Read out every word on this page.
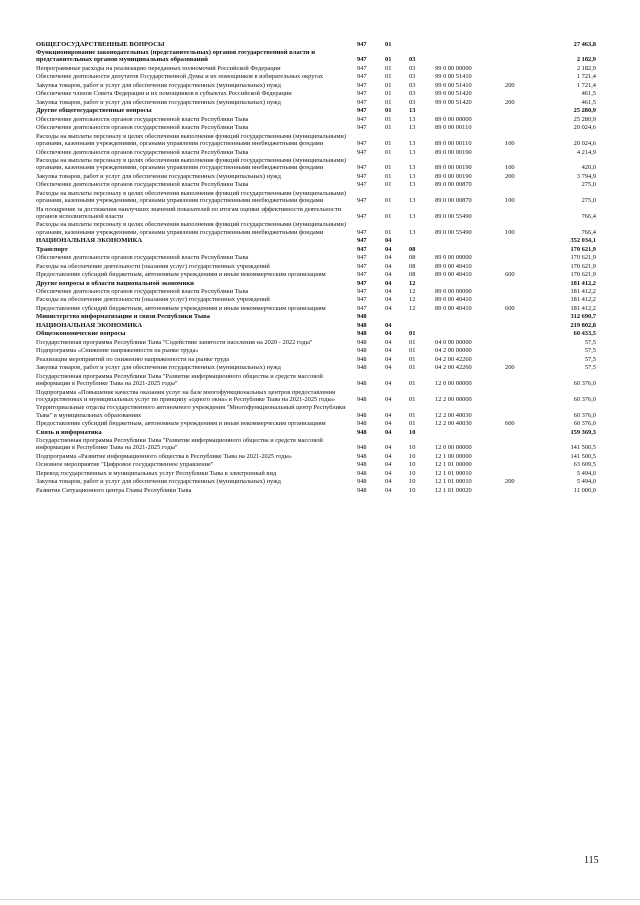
ОБЩЕГОСУДАРСТВЕННЫЕ ВОПРОСЫ	947	01				27 463,8
Функционирование законодательных (представительных) органов государственной власти и представительных органов муниципальных образований	947	01	03			2 182,9
Непрограммные расходы на реализацию переданных полномочий Российской Федерации	947	01	03	99 0 00 00000		2 182,9
Обеспечение деятельности депутатов Государственной Думы и их помощников в избирательных округах	947	01	03	99 0 00 51410		1 721,4
Закупка товаров, работ и услуг для обеспечения государственных (муниципальных) нужд	947	01	03	99 0 00 51410	200	1 721,4
Обеспечение членов Совета Федерации и их помощников в субъектах Российской Федерации	947	01	03	99 0 00 51420		461,5
Закупка товаров, работ и услуг для обеспечения государственных (муниципальных) нужд	947	01	03	99 0 00 51420	200	461,5
Другие общегосударственные вопросы	947	01	13			25 280,9
Обеспечение деятельности органов государственной власти Республики Тыва	947	01	13	89 0 00 00000		25 280,9
Обеспечение деятельности органов государственной власти Республики Тыва	947	01	13	89 0 00 00110		20 024,6
Расходы на выплаты персоналу в целях обеспечения выполнения функций государственными (муниципальными) органами, казенными учреждениями, органами управления государственными внебюджетными фондами	947	01	13	89 0 00 00110	100	20 024,6
Обеспечение деятельности органов государственной власти Республики Тыва	947	01	13	89 0 00 00190		4 214,9
Расходы на выплаты персоналу в целях обеспечения выполнения функций государственными (муниципальными) органами, казенными учреждениями, органами управления государственными внебюджетными фондами	947	01	13	89 0 00 00190	100	420,0
Закупка товаров, работ и услуг для обеспечения государственных (муниципальных) нужд	947	01	13	89 0 00 00190	200	3 794,9
Обеспечение деятельности органов государственной власти Республики Тыва	947	01	13	89 0 00 00870		275,0
Расходы на выплаты персоналу в целях обеспечения выполнения функций государственными (муниципальными) органами, казенными учреждениями, органами управления государственными внебюджетными фондами	947	01	13	89 0 00 00870	100	275,0
На поощрение за достижения наилучших значений показателей по итогам оценки эффективности деятельности органов исполнительной власти	947	01	13	89 0 00 55490		766,4
Расходы на выплаты персоналу в целях обеспечения выполнения функций государственными (муниципальными) органами, казенными учреждениями, органами управления государственными внебюджетными фондами	947	01	13	89 0 00 55490	100	766,4
НАЦИОНАЛЬНАЯ ЭКОНОМИКА	947	04				352 034,1
Транспорт	947	04	08			170 621,9
Обеспечение деятельности органов государственной власти Республики Тыва	947	04	08	89 0 00 00000		170 621,9
Расходы на обеспечение деятельности (оказания услуг) государственных учреждений	947	04	08	89 0 00 40410		170 621,9
Предоставление субсидий бюджетным, автономным учреждениям и иным некоммерческим организациям	947	04	08	89 0 00 40410	600	170 621,9
Другие вопросы в области национальной экономики	947	04	12			181 412,2
Обеспечение деятельности органов государственной власти Республики Тыва	947	04	12	89 0 00 00000		181 412,2
Расходы на обеспечение деятельности (оказания услуг) государственных учреждений	947	04	12	89 0 00 40410		181 412,2
Предоставление субсидий бюджетным, автономным учреждениям и иным некоммерческим организациям	947	04	12	89 0 00 40410	600	181 412,2
Министерство информатизации и связи Республики Тыва	948					312 690,7
НАЦИОНАЛЬНАЯ ЭКОНОМИКА	948	04				219 802,8
Общеэкономические вопросы	948	04	01			60 433,5
Государственная программа Республики Тыва "Содействие занятости населения на 2020 - 2022 годы"	948	04	01	04 0 00 00000		57,5
Подпрограмма «Снижение напряженности на рынке труда»	948	04	01	04 2 00 00000		57,5
Реализация мероприятий по снижению напряженности на рынке труда	948	04	01	04 2 00 42260		57,5
Закупка товаров, работ и услуг для обеспечения государственных (муниципальных) нужд	948	04	01	04 2 00 42260	200	57,5
Государственная программа Республики Тыва "Развитие информационного общества и средств массовой информации в Республике Тыва на 2021-2025 годы"	948	04	01	12 0 00 00000		60 376,0
Подпрограмма «Повышение качества оказания услуг на базе многофункциональных центров предоставления государственных и муниципальных услуг по принципу «одного окна» в Республике Тыва на 2021-2025 годы»	948	04	01	12 2 00 00000		60 376,0
Территориальные отделы государственного автономного учреждения "Многофункциональный центр Республики Тыва" в муниципальных образованиях	948	04	01	12 2 00 40030		60 376,0
Предоставление субсидий бюджетным, автономным учреждениям и иным некоммерческим организациям	948	04	01	12 2 00 40030	600	60 376,0
Связь и информатика	948	04	10			159 369,3
Государственная программа Республики Тыва "Развитие информационного общества и средств массовой информации в Республике Тыва на 2021-2025 годы"	948	04	10	12 0 00 00000		141 500,5
Подпрограмма «Развитие информационного общества в Республике Тыва на 2021-2025 годы»	948	04	10	12 1 00 00000		141 500,5
Основное мероприятие "Цифровое государственное управление"	948	04	10	12 1 01 00000		63 609,5
Перевод государственных и муниципальных услуг Республики Тыва в электронный вид	948	04	10	12 1 01 00010		5 494,0
Закупка товаров, работ и услуг для обеспечения государственных (муниципальных) нужд	948	04	10	12 1 01 00010	200	5 494,0
Развитие Ситуационного центра Главы Республики Тыва	948	04	10	12 1 01 00020		11 000,0
115
